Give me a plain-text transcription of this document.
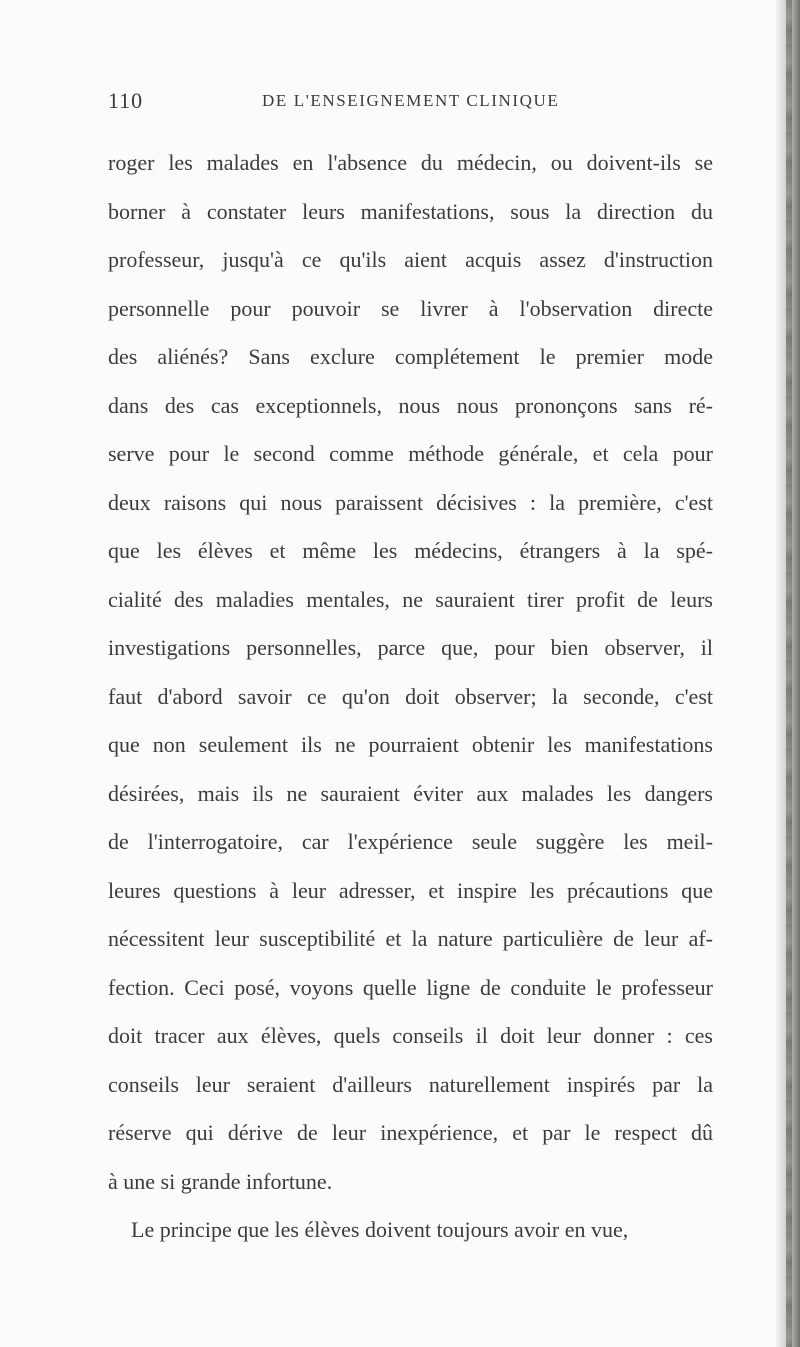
110	DE L'ENSEIGNEMENT CLINIQUE
roger les malades en l'absence du médecin, ou doivent-ils se
borner à constater leurs manifestations, sous la direction du
professeur, jusqu'à ce qu'ils aient acquis assez d'instruction
personnelle pour pouvoir se livrer à l'observation directe
des aliénés? Sans exclure complétement le premier mode
dans des cas exceptionnels, nous nous prononçons sans ré-
serve pour le second comme méthode générale, et cela pour
deux raisons qui nous paraissent décisives : la première, c'est
que les élèves et même les médecins, étrangers à la spé-
cialité des maladies mentales, ne sauraient tirer profit de leurs
investigations personnelles, parce que, pour bien observer, il
faut d'abord savoir ce qu'on doit observer; la seconde, c'est
que non seulement ils ne pourraient obtenir les manifestations
désirées, mais ils ne sauraient éviter aux malades les dangers
de l'interrogatoire, car l'expérience seule suggère les meil-
leures questions à leur adresser, et inspire les précautions que
nécessitent leur susceptibilité et la nature particulière de leur af-
fection. Ceci posé, voyons quelle ligne de conduite le professeur
doit tracer aux élèves, quels conseils il doit leur donner : ces
conseils leur seraient d'ailleurs naturellement inspirés par la
réserve qui dérive de leur inexpérience, et par le respect dû
à une si grande infortune.
Le principe que les élèves doivent toujours avoir en vue,
